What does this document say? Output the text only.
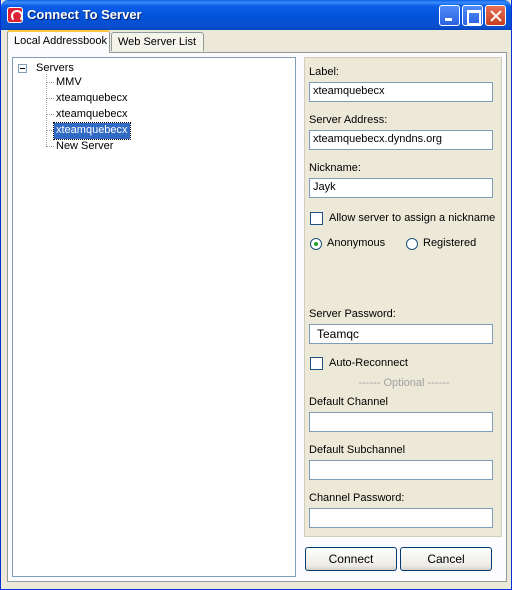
Connect To Server
Local Addressbook	Web Server List
Servers
MMV
xteamquebecx
xteamquebecx
xteamquebecx
New Server
Label:
xteamquebecx
Server Address:
xteamquebecx.dyndns.org
Nickname:
Jayk
Allow server to assign a nickname
Anonymous	Registered
Server Password:
Teamqc
Auto-Reconnect
------ Optional ------
Default Channel
Default Subchannel
Channel Password:
Connect	Cancel
